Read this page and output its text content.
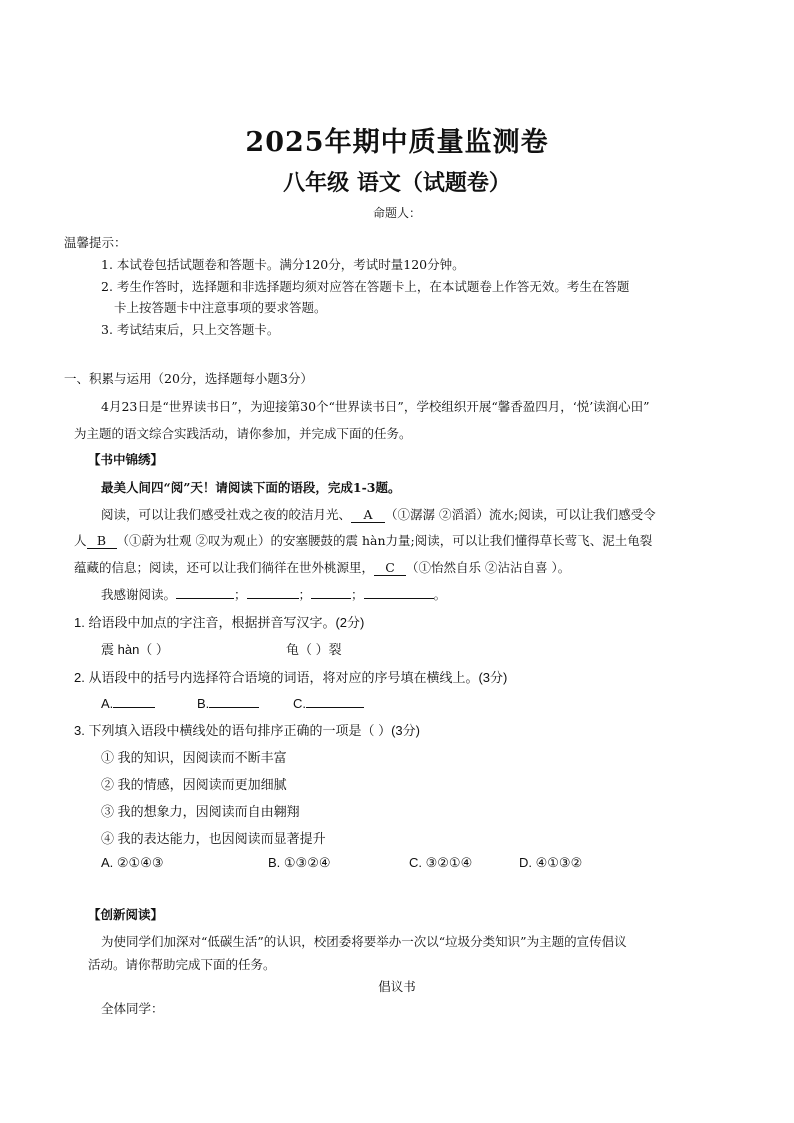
2025年期中质量监测卷
八年级 语文（试题卷）
命题人：
温馨提示：
1. 本试卷包括试题卷和答题卡。满分120分，考试时量120分钟。
2. 考生作答时，选择题和非选择题均须对应答在答题卡上，在本试题卷上作答无效。考生在答题
卡上按答题卡中注意事项的要求答题。
3. 考试结束后，只上交答题卡。
一、积累与运用（20分，选择题每小题3分）
4月23日是“世界读书日”，为迎接第30个“世界读书日”，学校组织开展“馨香盈四月，‘悦’读润心田”
为主题的语文综合实践活动，请你参加，并完成下面的任务。
【书中锦绣】
最美人间四“阅”天！请阅读下面的语段，完成1-3题。
阅读，可以让我们感受社戏之夜的皎洁月光、 A （①潺潺 ②滔滔）流水;阅读，可以让我们感受令
人 B （①蔚为壮观 ②叹为观止）的安塞腰鼓的震 hàn力量;阅读，可以让我们懂得草长莺飞、泥土龟裂
蕴藏的信息；阅读，还可以让我们徜徉在世外桃源里， C （①怡然自乐 ②沾沾自喜 ）。
我感谢阅读。	；	；	；	。
1. 给语段中加点的字注音，根据拼音写汉字。(2分)
震 hàn（ ）	龟（ ）裂
2. 从语段中的括号内选择符合语境的词语，将对应的序号填在横线上。(3分)
A.	B.	C.
3. 下列填入语段中横线处的语句排序正确的一项是（ ）(3分)
① 我的知识，因阅读而不断丰富
② 我的情感，因阅读而更加细腻
③ 我的想象力，因阅读而自由翱翔
④ 我的表达能力，也因阅读而显著提升
A. ②①④③	B. ①③②④	C. ③②①④	D. ④①③②
【创新阅读】
为使同学们加深对“低碳生活”的认识，校团委将要举办一次以“垃圾分类知识”为主题的宣传倡议
活动。请你帮助完成下面的任务。
倡议书
全体同学：
